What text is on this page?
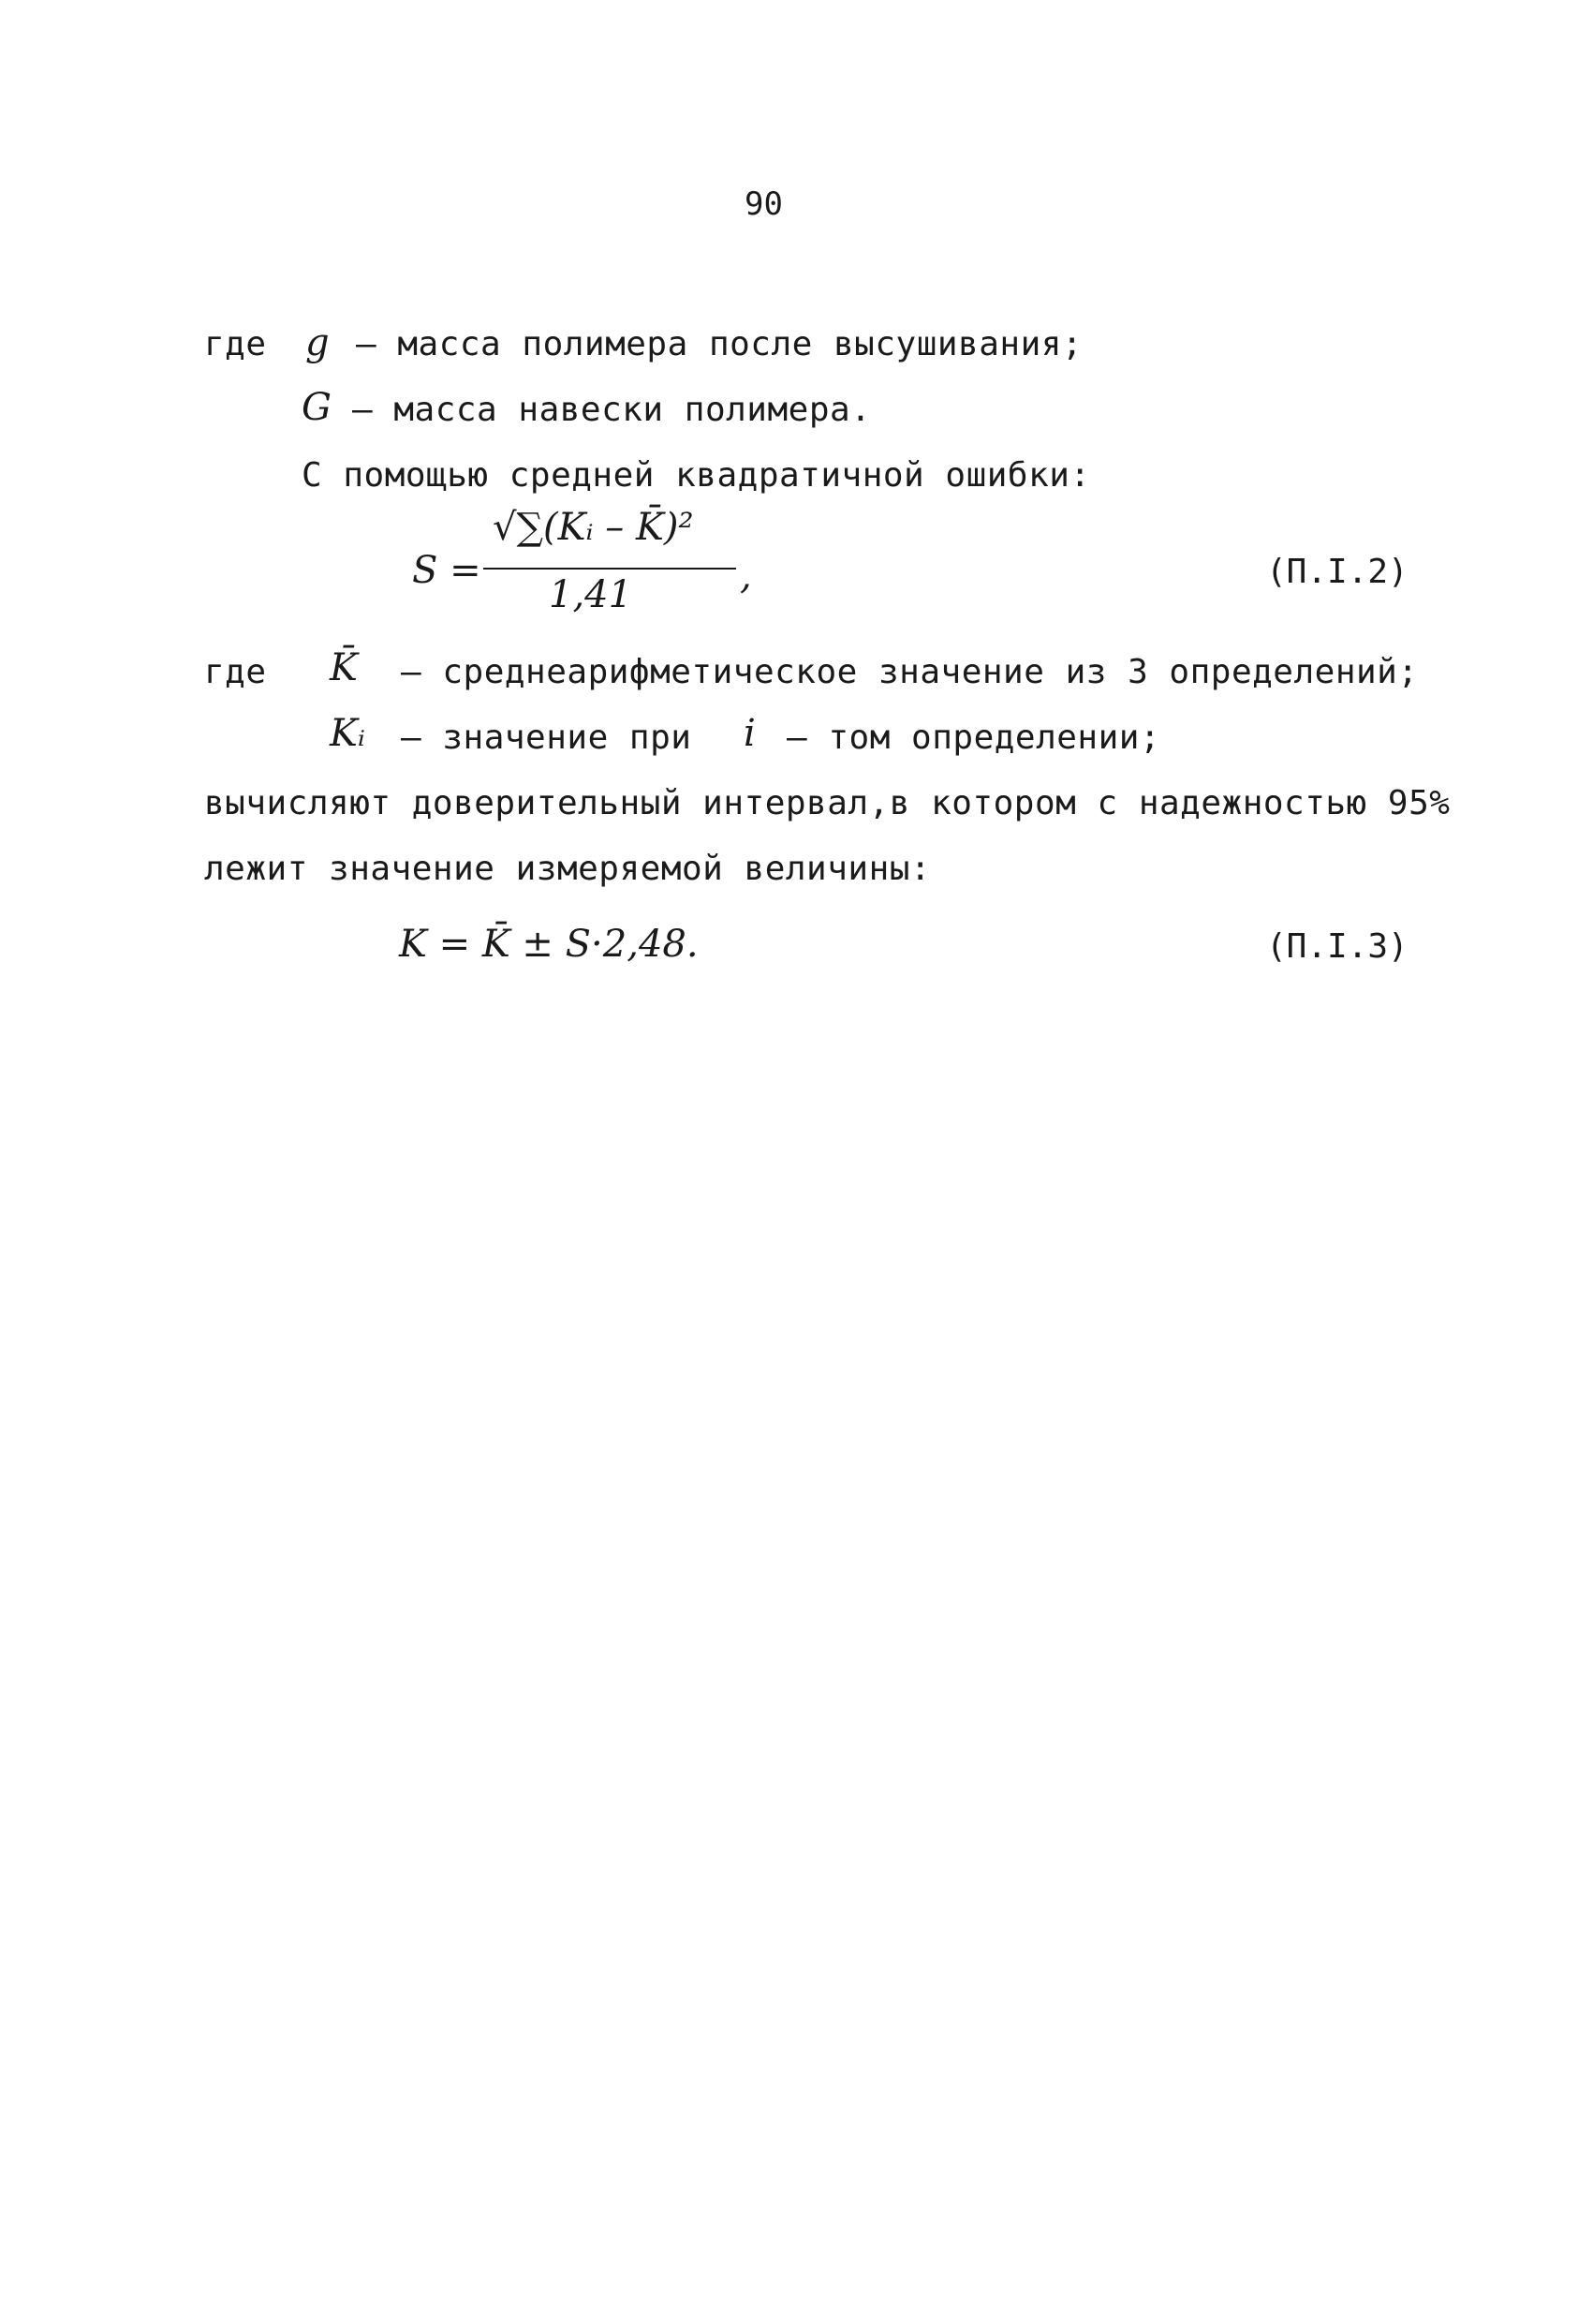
90
где g – масса полимера после высушивания;
G – масса навески полимера.
С помощью средней квадратичной ошибки:
S =
√∑(Kᵢ – K̄)²
1,41	,	(П.I.2)
где K̄ – среднеарифметическое значение из 3 определений;
Kᵢ – значение при i – том определении;
вычисляют доверительный интервал,в котором с надежностью 95%
лежит значение измеряемой величины:
K = K̄ ± S·2,48.	(П.I.3)
